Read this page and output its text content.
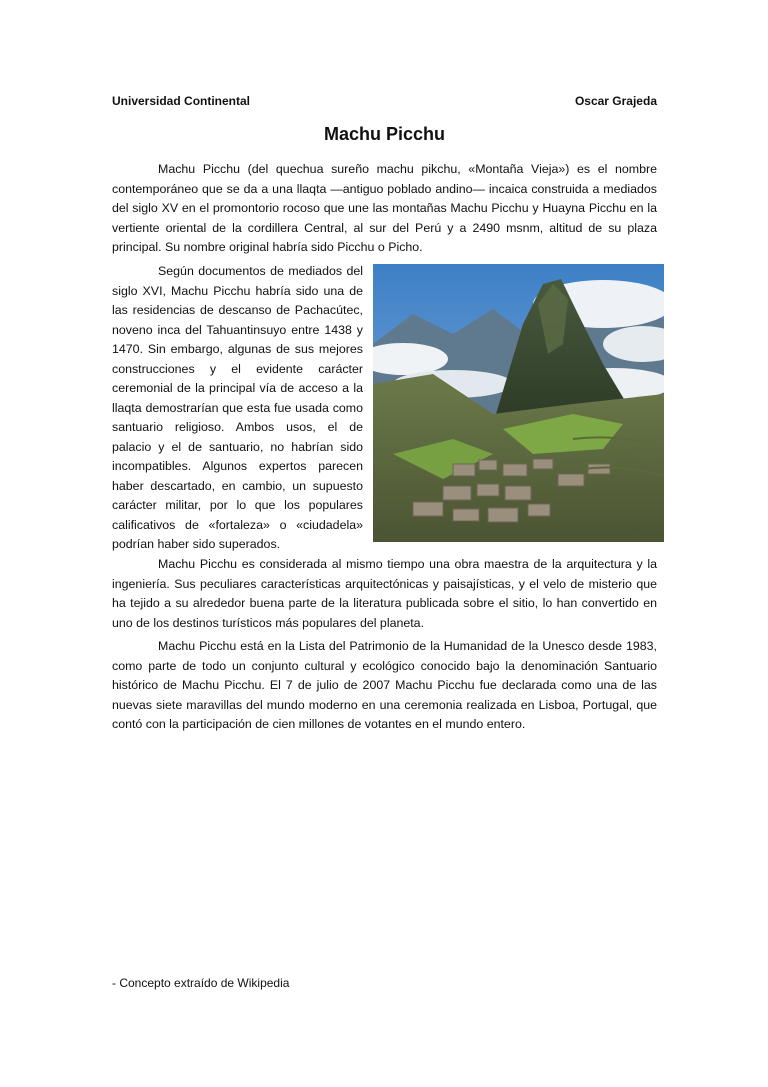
Universidad Continental	Oscar Grajeda
Machu Picchu

Machu Picchu (del quechua sureño machu pikchu, «Montaña Vieja») es el nombre contemporáneo que se da a una llaqta —antiguo poblado andino— incaica construida a mediados del siglo XV en el promontorio rocoso que une las montañas Machu Picchu y Huayna Picchu en la vertiente oriental de la cordillera Central, al sur del Perú y a 2490 msnm, altitud de su plaza principal. Su nombre original habría sido Picchu o Picho.

Según documentos de mediados del siglo XVI, Machu Picchu habría sido una de las residencias de descanso de Pachacútec, noveno inca del Tahuantinsuyo entre 1438 y 1470. Sin embargo, algunas de sus mejores construcciones y el evidente carácter ceremonial de la principal vía de acceso a la llaqta demostrarían que esta fue usada como santuario religioso. Ambos usos, el de palacio y el de santuario, no habrían sido incompatibles. Algunos expertos parecen haber descartado, en cambio, un supuesto carácter militar, por lo que los populares calificativos de «fortaleza» o «ciudadela» podrían haber sido superados.

Machu Picchu es considerada al mismo tiempo una obra maestra de la arquitectura y la ingeniería. Sus peculiares características arquitectónicas y paisajísticas, y el velo de misterio que ha tejido a su alrededor buena parte de la literatura publicada sobre el sitio, lo han convertido en uno de los destinos turísticos más populares del planeta.

Machu Picchu está en la Lista del Patrimonio de la Humanidad de la Unesco desde 1983, como parte de todo un conjunto cultural y ecológico conocido bajo la denominación Santuario histórico de Machu Picchu. El 7 de julio de 2007 Machu Picchu fue declarada como una de las nuevas siete maravillas del mundo moderno en una ceremonia realizada en Lisboa, Portugal, que contó con la participación de cien millones de votantes en el mundo entero.

- Concepto extraído de Wikipedia
